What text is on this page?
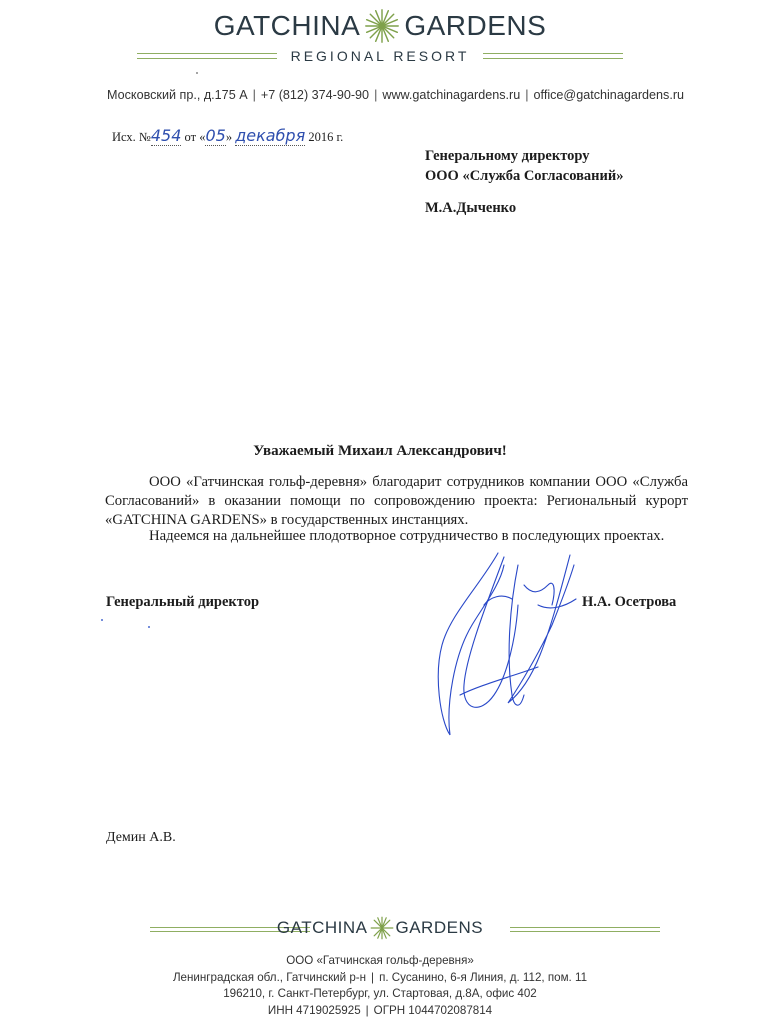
GATCHINA GARDENS
REGIONAL RESORT
Московский пр., д.175 А | +7 (812) 374-90-90 | www.gatchinagardens.ru | office@gatchinagardens.ru
Исх. №454 от «05» декабря 2016 г.
Генеральному директору
ООО «Служба Согласований»
М.А.Дыченко
Уважаемый Михаил Александрович!
ООО «Гатчинская гольф-деревня» благодарит сотрудников компании ООО «Служба Согласований» в оказании помощи по сопровождению проекта: Региональный курорт «GATCHINA GARDENS» в государственных инстанциях.
Надеемся на дальнейшее плодотворное сотрудничество в последующих проектах.
Генеральный директор	Н.А. Осетрова
Демин А.В.
GATCHINA GARDENS
ООО «Гатчинская гольф-деревня»
Ленинградская обл., Гатчинский р-н | п. Сусанино, 6-я Линия, д. 112, пом. 11
196210, г. Санкт-Петербург, ул. Стартовая, д.8А, офис 402
ИНН 4719025925 | ОГРН 1044702087814
